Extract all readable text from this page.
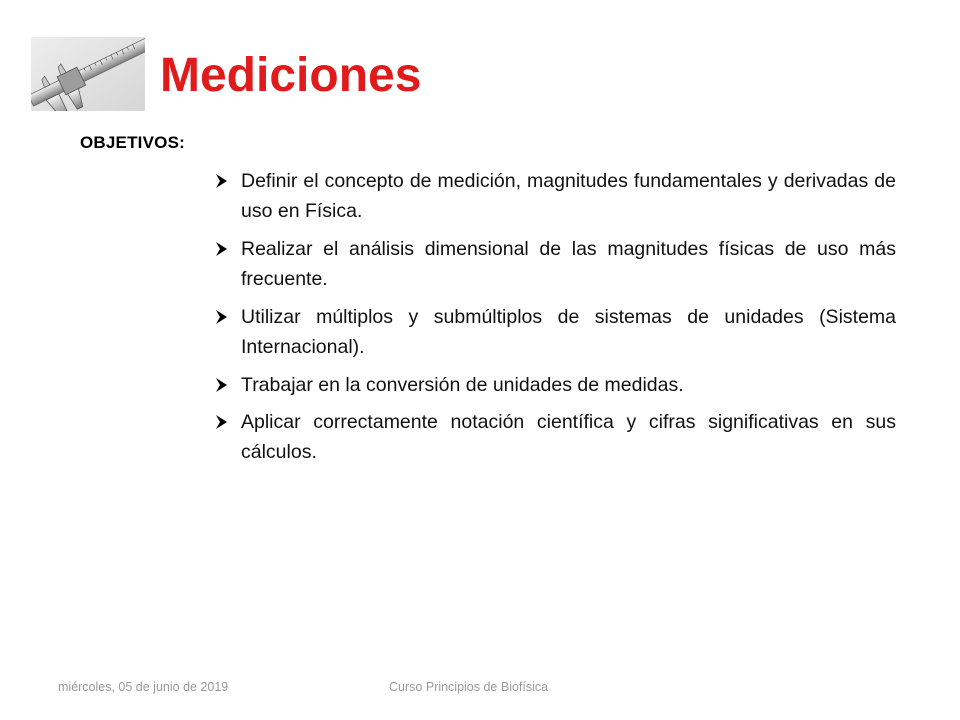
Mediciones
OBJETIVOS:
Definir el concepto de medición, magnitudes fundamentales y derivadas de uso en Física.
Realizar el análisis dimensional de las magnitudes físicas de uso más frecuente.
Utilizar múltiplos y submúltiplos de sistemas de unidades (Sistema Internacional).
Trabajar en la conversión de unidades de medidas.
Aplicar correctamente notación científica y cifras significativas en sus cálculos.
miércoles, 05 de junio de 2019	Curso Principios de Biofísica
